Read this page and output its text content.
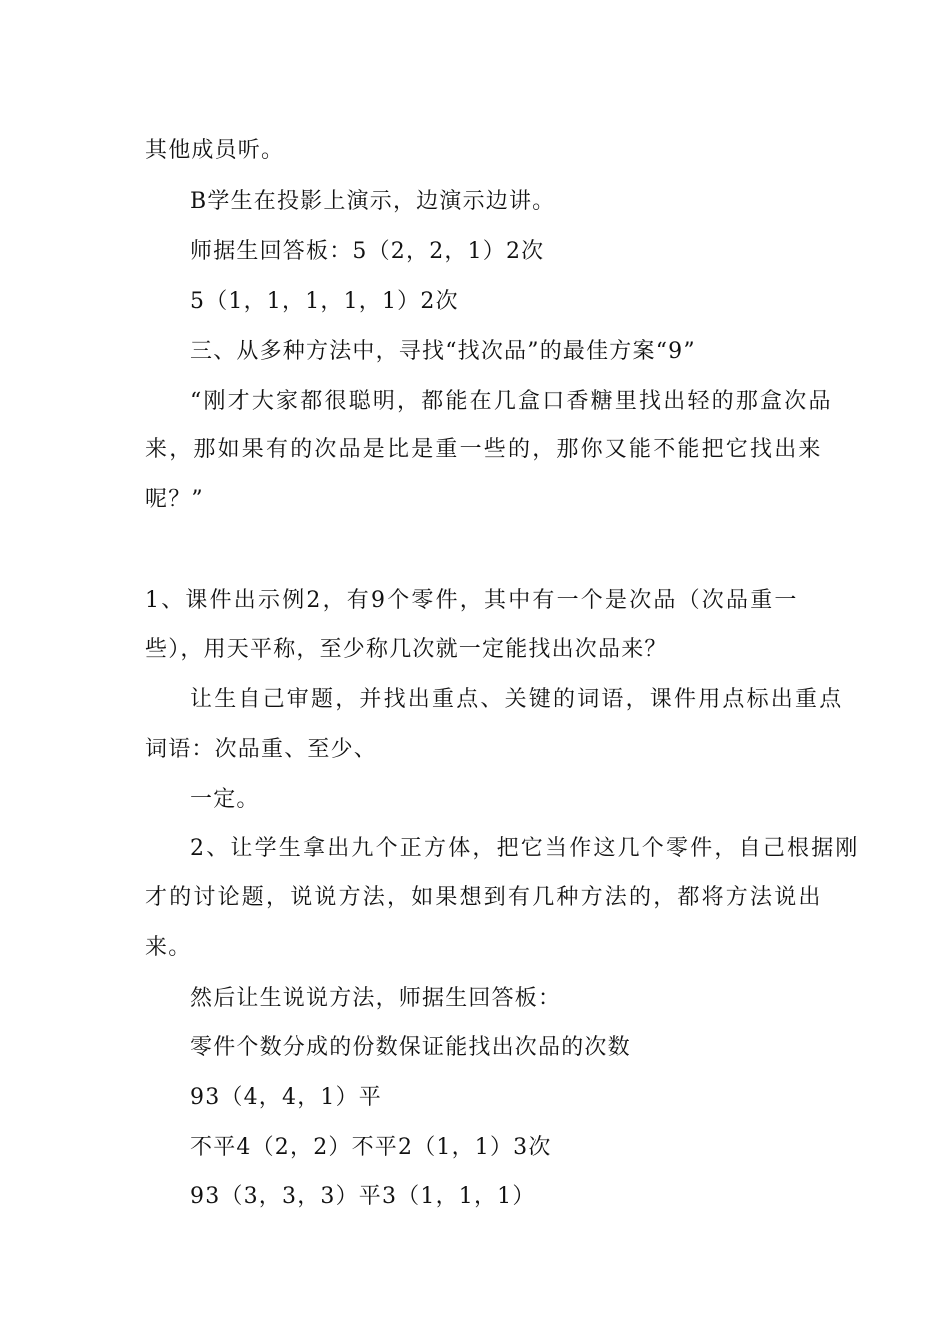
其他成员听。
B学生在投影上演示，边演示边讲。
师据生回答板：5（2，2，1）2次
5（1，1，1，1，1）2次
三、从多种方法中，寻找“找次品”的最佳方案“9”
“刚才大家都很聪明，都能在几盒口香糖里找出轻的那盒次品
来，那如果有的次品是比是重一些的，那你又能不能把它找出来
呢？”
1、课件出示例2，有9个零件，其中有一个是次品（次品重一
些），用天平称，至少称几次就一定能找出次品来？
让生自己审题，并找出重点、关键的词语，课件用点标出重点
词语：次品重、至少、
一定。
2、让学生拿出九个正方体，把它当作这几个零件，自己根据刚
才的讨论题，说说方法，如果想到有几种方法的，都将方法说出
来。
然后让生说说方法，师据生回答板：
零件个数分成的份数保证能找出次品的次数
93（4，4，1）平
不平4（2，2）不平2（1，1）3次
93（3，3，3）平3（1，1，1）
